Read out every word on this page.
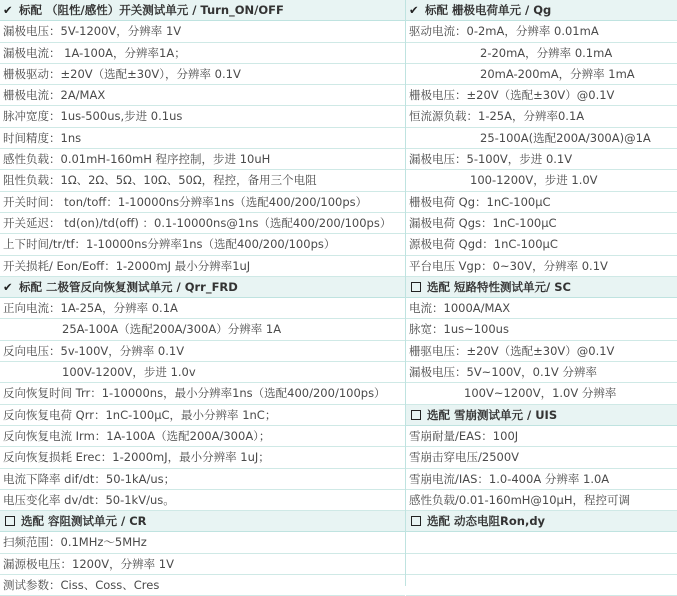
✔ 标配 （阻性/感性）开关测试单元 / Turn_ON/OFF
漏极电压：5V-1200V，分辨率 1V
漏极电流： 1A-100A，分辨率1A；
栅极驱动：±20V（选配±30V），分辨率 0.1V
栅极电流：2A/MAX
脉冲宽度：1us-500us,步进 0.1us
时间精度：1ns
感性负载：0.01mH-160mH 程序控制，步进 10uH
阻性负载：1Ω、2Ω、5Ω、10Ω、50Ω，程控，备用三个电阻
开关时间： ton/toff：1-10000ns分辨率1ns（选配400/200/100ps）
开关延迟： td(on)/td(off) ：0.1-10000ns@1ns（选配400/200/100ps）
上下时间/tr/tf：1-10000ns分辨率1ns（选配400/200/100ps）
开关损耗/ Eon/Eoff：1-2000mJ 最小分辨率1uJ
✔ 标配 二极管反向恢复测试单元 / Qrr_FRD
正向电流：1A-25A，分辨率 0.1A
25A-100A（选配200A/300A）分辨率 1A
反向电压：5v-100V，分辨率 0.1V
100V-1200V，步进 1.0v
反向恢复时间 Trr：1-10000ns，最小分辨率1ns（选配400/200/100ps）
反向恢复电荷 Qrr：1nC-100μC，最小分辨率 1nC；
反向恢复电流 Irm：1A-100A（选配200A/300A）；
反向恢复损耗 Erec：1-2000mJ，最小分辨率 1uJ；
电流下降率 dif/dt：50-1kA/us；
电压变化率 dv/dt：50-1kV/us。
选配 容阻测试单元 / CR
扫频范围：0.1MHz～5MHz
漏源极电压：1200V，分辨率 1V
测试参数：Ciss、Coss、Cres
✔ 标配 栅极电荷单元 / Qg
驱动电流：0-2mA，分辨率 0.01mA
2-20mA，分辨率 0.1mA
20mA-200mA，分辨率 1mA
栅极电压：±20V（选配±30V）@0.1V
恒流源负载：1-25A，分辨率0.1A
25-100A(选配200A/300A)@1A
漏极电压：5-100V，步进 0.1V
100-1200V，步进 1.0V
栅极电荷 Qg：1nC-100μC
漏极电荷 Qgs：1nC-100μC
源极电荷 Qgd：1nC-100μC
平台电压 Vgp：0~30V，分辨率 0.1V
选配 短路特性测试单元/ SC
电流：1000A/MAX
脉宽：1us~100us
栅驱电压：±20V（选配±30V）@0.1V
漏极电压：5V~100V，0.1V 分辨率
100V~1200V，1.0V 分辨率
选配 雪崩测试单元 / UIS
雪崩耐量/EAS：100J
雪崩击穿电压/2500V
雪崩电流/IAS：1.0-400A 分辨率 1.0A
感性负载/0.01-160mH@10μH，程控可调
选配 动态电阻Ron,dy
